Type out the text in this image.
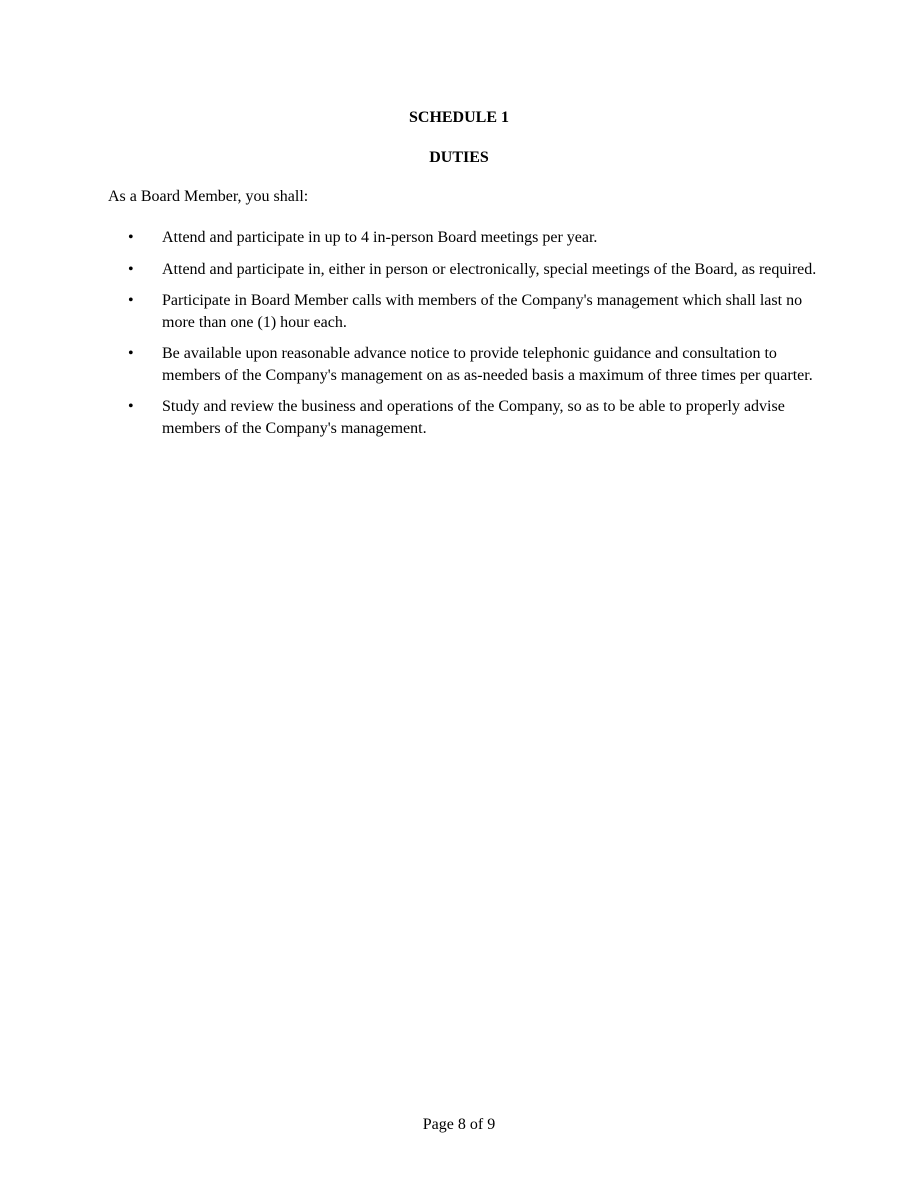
SCHEDULE 1
DUTIES
As a Board Member, you shall:
• Attend and participate in up to 4 in-person Board meetings per year.
• Attend and participate in, either in person or electronically, special meetings of the Board, as required.
• Participate in Board Member calls with members of the Company's management which shall last no more than one (1) hour each.
• Be available upon reasonable advance notice to provide telephonic guidance and consultation to members of the Company's management on as as-needed basis a maximum of three times per quarter.
• Study and review the business and operations of the Company, so as to be able to properly advise members of the Company's management.
Page 8 of 9
